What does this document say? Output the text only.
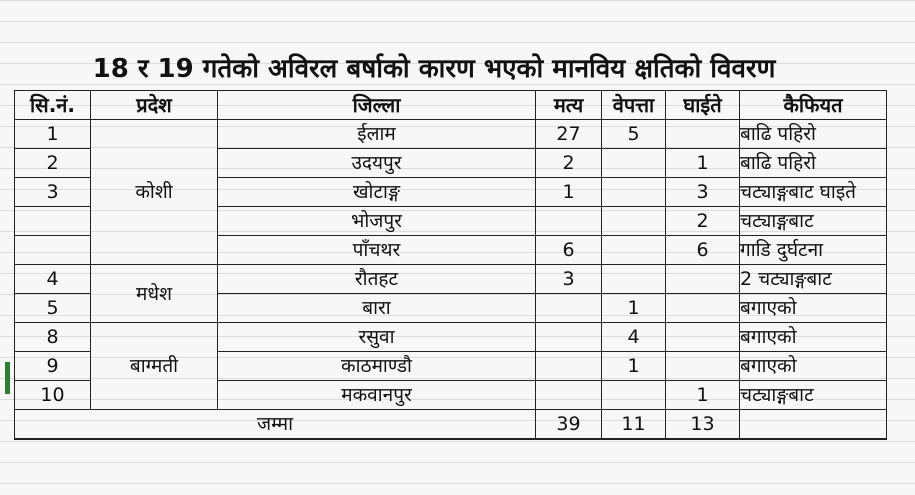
18 र 19 गतेको अविरल बर्षाको कारण भएको मानविय क्षतिको विवरण
सि.नं.	प्रदेश	जिल्ला	मत्य	वेपत्ता	घाईते	कैफियत
1	कोशी	ईलाम	27	5		बाढि पहिरो
2		उदयपुर	2		1	बाढि पहिरो
3		खोटाङ्ग	1		3	चट्याङ्गबाट घाइते
		भोजपुर			2	चट्याङ्गबाट
		पाँचथर	6		6	गाडि दुर्घटना
4	मधेश	रौतहट	3			2 चट्याङ्गबाट
5		बारा		1		बगाएको
8	बाग्मती	रसुवा		4		बगाएको
9		काठमाण्डौ		1		बगाएको
10		मकवानपुर			1	चट्याङ्गबाट
जम्मा			39	11	13	
